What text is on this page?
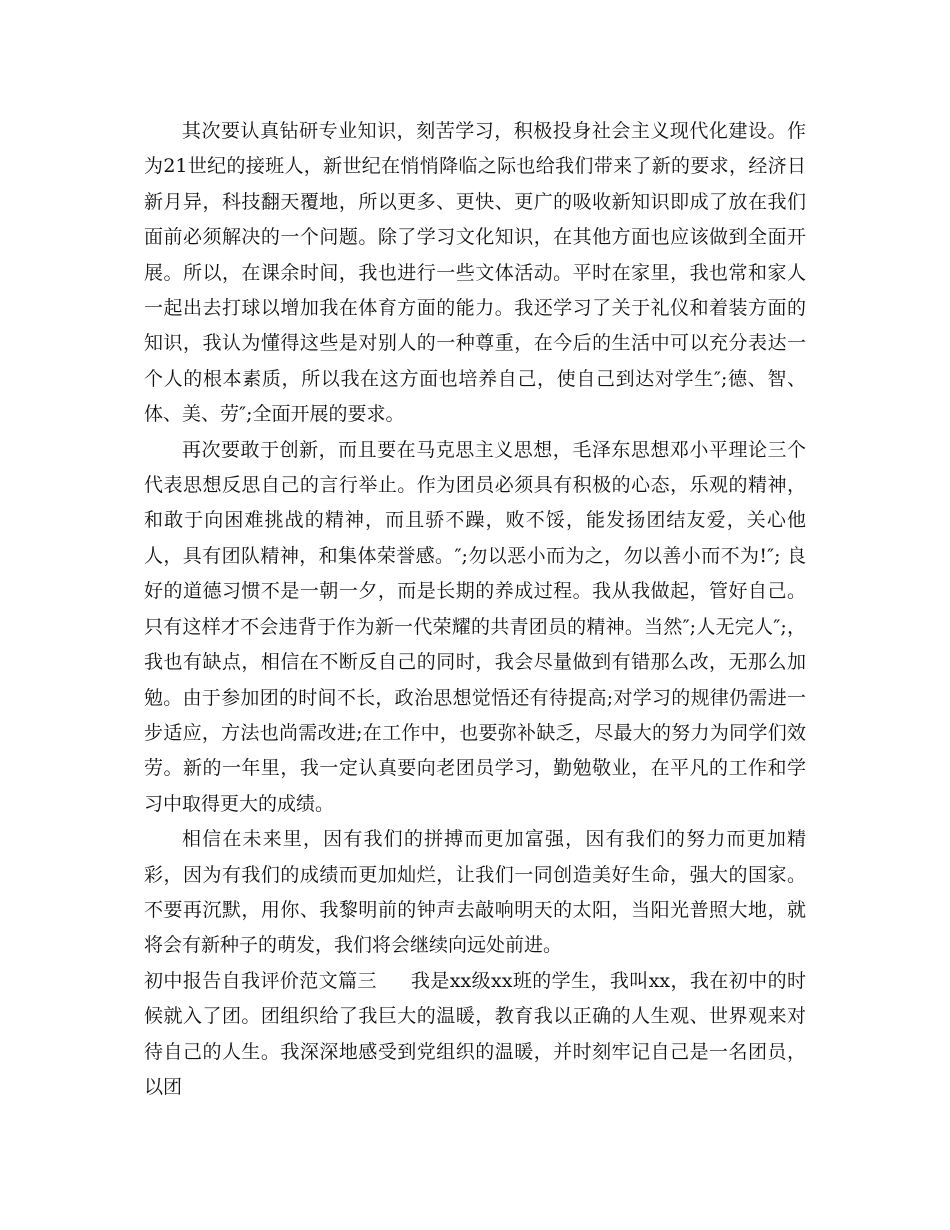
其次要认真钻研专业知识，刻苦学习，积极投身社会主义现代化建设。作为21世纪的接班人，新世纪在悄悄降临之际也给我们带来了新的要求，经济日新月异，科技翻天覆地，所以更多、更快、更广的吸收新知识即成了放在我们面前必须解决的一个问题。除了学习文化知识，在其他方面也应该做到全面开展。所以，在课余时间，我也进行一些文体活动。平时在家里，我也常和家人一起出去打球以增加我在体育方面的能力。我还学习了关于礼仪和着装方面的知识，我认为懂得这些是对别人的一种尊重，在今后的生活中可以充分表达一个人的根本素质，所以我在这方面也培养自己，使自己到达对学生″;德、智、体、美、劳″;全面开展的要求。

再次要敢于创新，而且要在马克思主义思想，毛泽东思想邓小平理论三个代表思想反思自己的言行举止。作为团员必须具有积极的心态，乐观的精神，和敢于向困难挑战的精神，而且骄不躁，败不馁，能发扬团结友爱，关心他人，具有团队精神，和集体荣誉感。″;勿以恶小而为之，勿以善小而不为!″; 良好的道德习惯不是一朝一夕，而是长期的养成过程。我从我做起，管好自己。只有这样才不会违背于作为新一代荣耀的共青团员的精神。当然″;人无完人″;，我也有缺点，相信在不断反自己的同时，我会尽量做到有错那么改，无那么加勉。由于参加团的时间不长，政治思想觉悟还有待提高;对学习的规律仍需进一步适应，方法也尚需改进;在工作中，也要弥补缺乏，尽最大的努力为同学们效劳。新的一年里，我一定认真要向老团员学习，勤勉敬业，在平凡的工作和学习中取得更大的成绩。

相信在未来里，因有我们的拼搏而更加富强，因有我们的努力而更加精彩，因为有我们的成绩而更加灿烂，让我们一同创造美好生命，强大的国家。不要再沉默，用你、我黎明前的钟声去敲响明天的太阳，当阳光普照大地，就将会有新种子的萌发，我们将会继续向远处前进。

初中报告自我评价范文篇三 我是xx级xx班的学生，我叫xx，我在初中的时候就入了团。团组织给了我巨大的温暖，教育我以正确的人生观、世界观来对待自己的人生。我深深地感受到党组织的温暖，并时刻牢记自己是一名团员，以团
